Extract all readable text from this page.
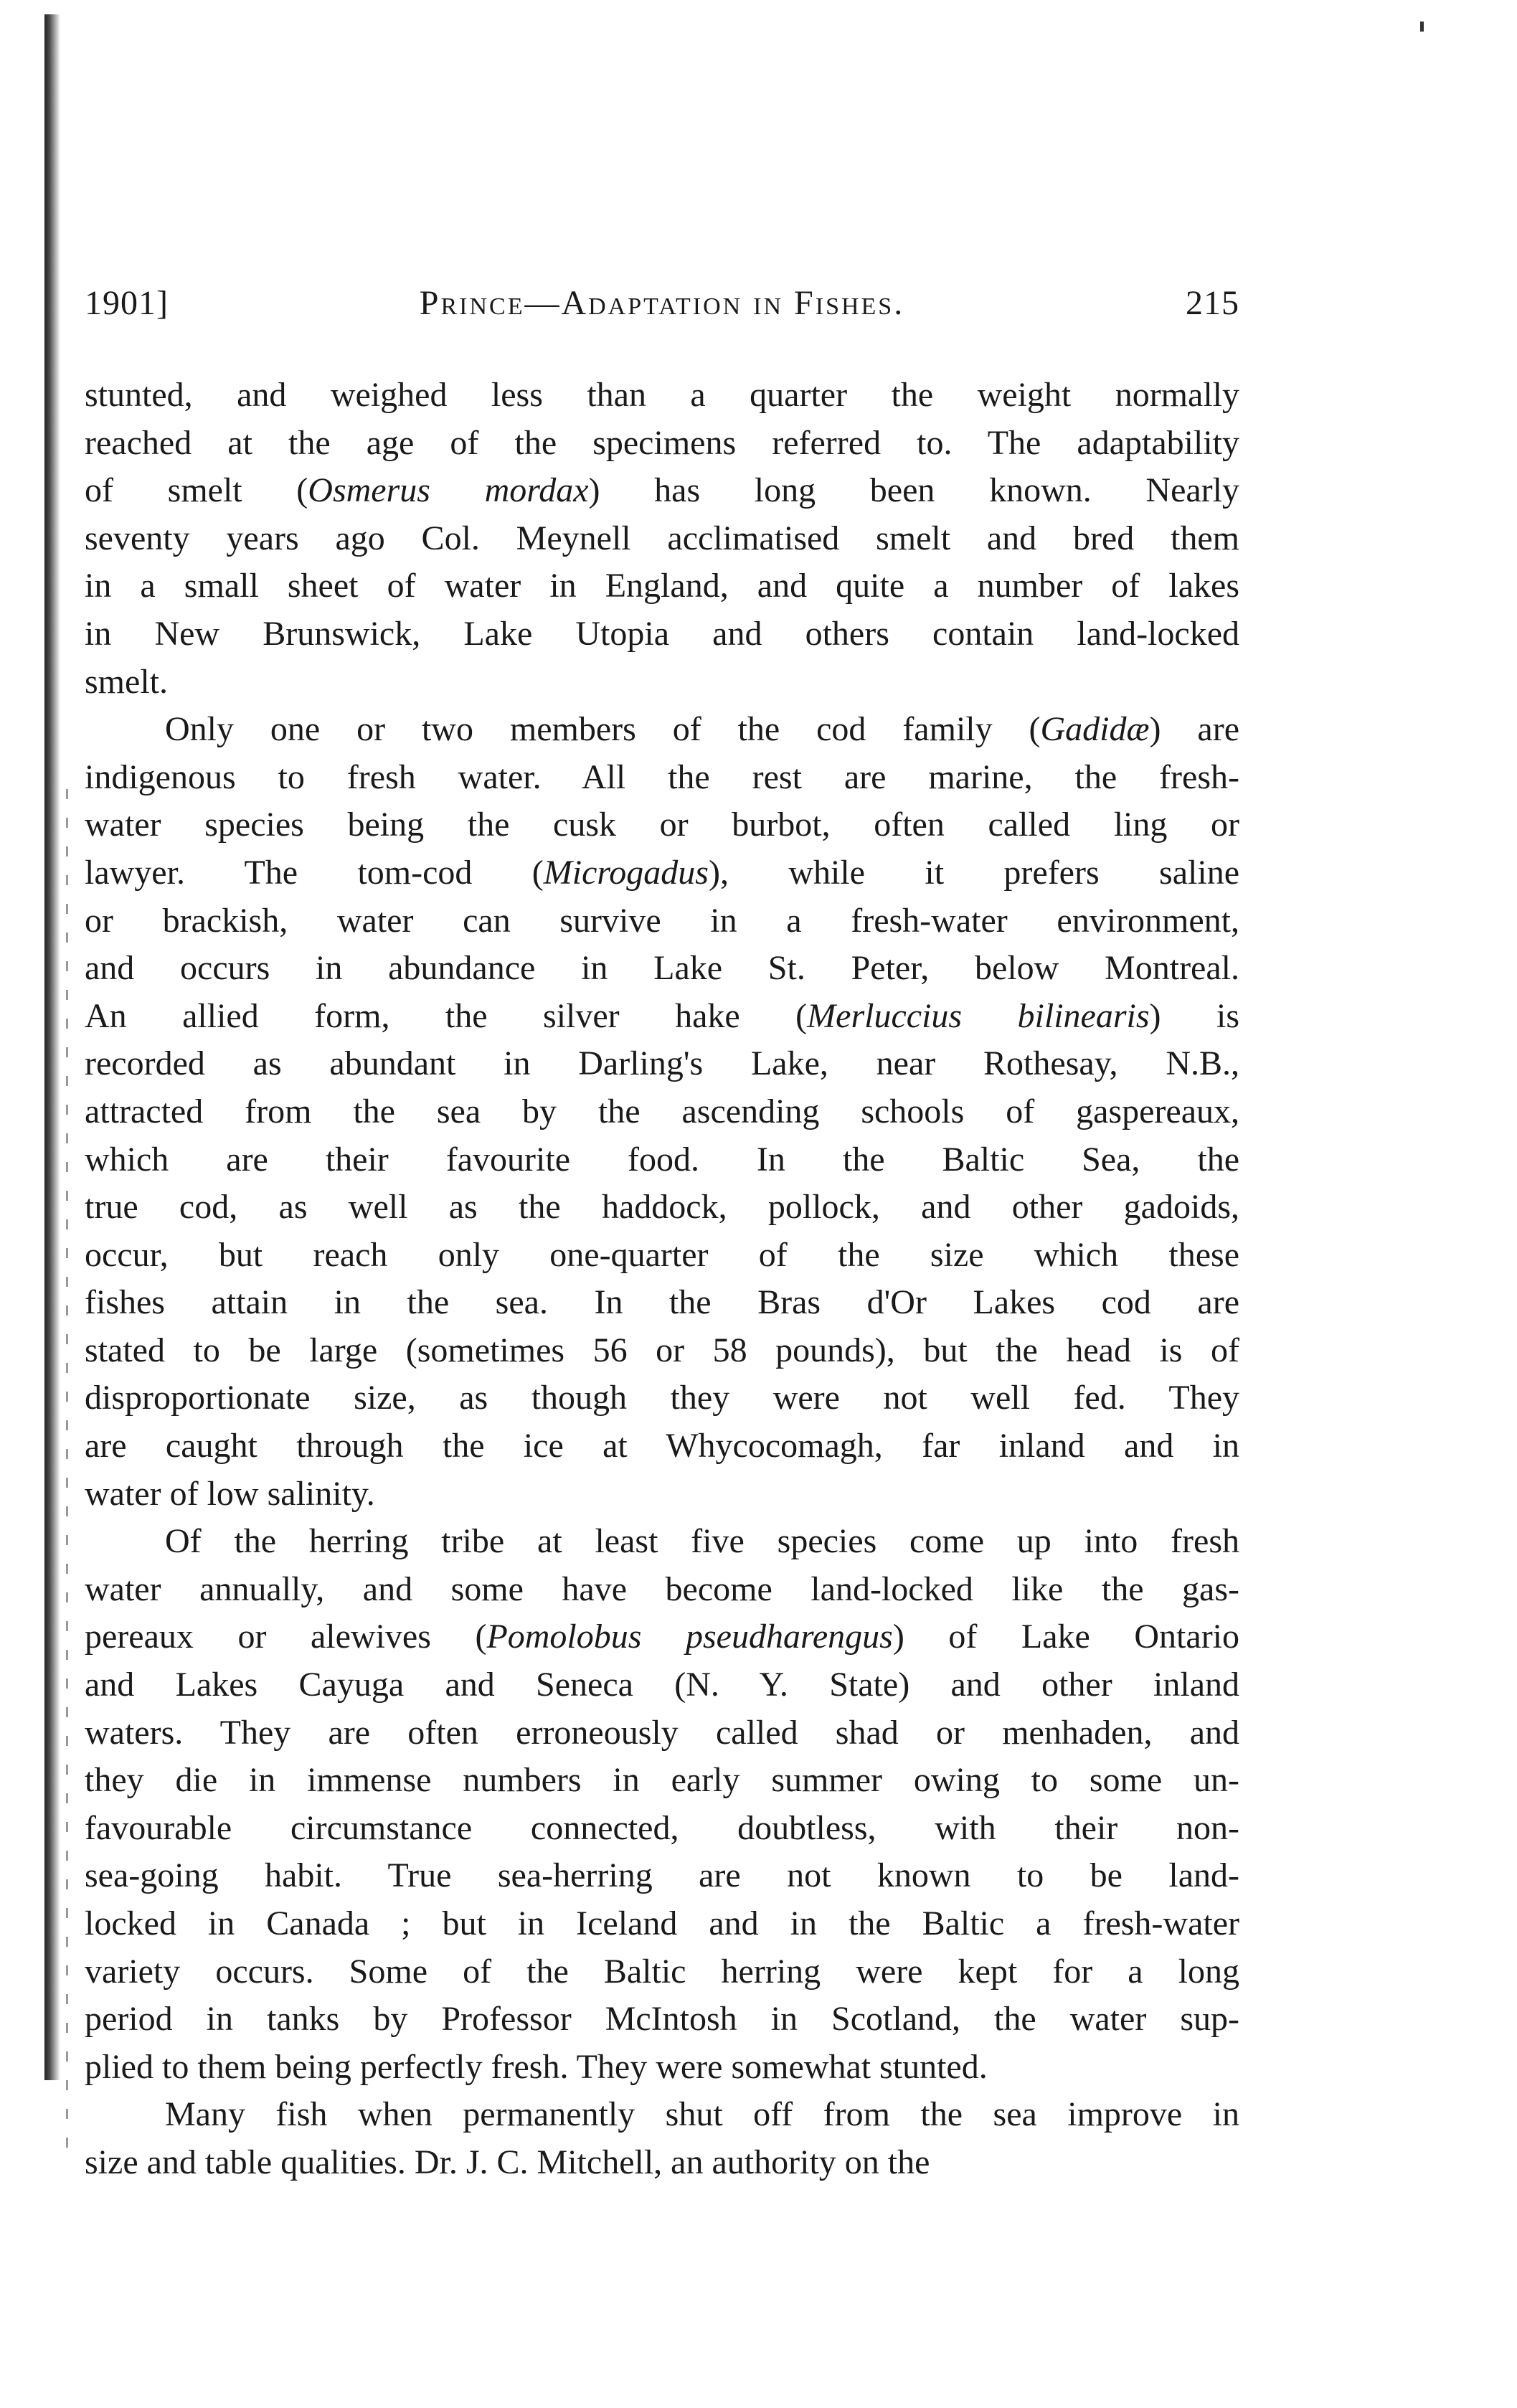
1901]	Prince—Adaptation in Fishes.	215

stunted, and weighed less than a quarter the weight normally
reached at the age of the specimens referred to. The adaptability
of smelt (Osmerus mordax) has long been known. Nearly
seventy years ago Col. Meynell acclimatised smelt and bred them
in a small sheet of water in England, and quite a number of lakes
in New Brunswick, Lake Utopia and others contain land-locked
smelt.

Only one or two members of the cod family (Gadidæ) are
indigenous to fresh water. All the rest are marine, the fresh-
water species being the cusk or burbot, often called ling or
lawyer. The tom-cod (Microgadus), while it prefers saline
or brackish, water can survive in a fresh-water environment,
and occurs in abundance in Lake St. Peter, below Montreal.
An allied form, the silver hake (Merluccius bilinearis) is
recorded as abundant in Darling's Lake, near Rothesay, N.B.,
attracted from the sea by the ascending schools of gaspereaux,
which are their favourite food. In the Baltic Sea, the
true cod, as well as the haddock, pollock, and other gadoids,
occur, but reach only one-quarter of the size which these
fishes attain in the sea. In the Bras d'Or Lakes cod are
stated to be large (sometimes 56 or 58 pounds), but the head is of
disproportionate size, as though they were not well fed. They
are caught through the ice at Whycocomagh, far inland and in
water of low salinity.

Of the herring tribe at least five species come up into fresh
water annually, and some have become land-locked like the gas-
pereaux or alewives (Pomolobus pseudharengus) of Lake Ontario
and Lakes Cayuga and Seneca (N. Y. State) and other inland
waters. They are often erroneously called shad or menhaden, and
they die in immense numbers in early summer owing to some un-
favourable circumstance connected, doubtless, with their non-
sea-going habit. True sea-herring are not known to be land-
locked in Canada ; but in Iceland and in the Baltic a fresh-water
variety occurs. Some of the Baltic herring were kept for a long
period in tanks by Professor McIntosh in Scotland, the water sup-
plied to them being perfectly fresh. They were somewhat stunted.

Many fish when permanently shut off from the sea improve in
size and table qualities. Dr. J. C. Mitchell, an authority on the
